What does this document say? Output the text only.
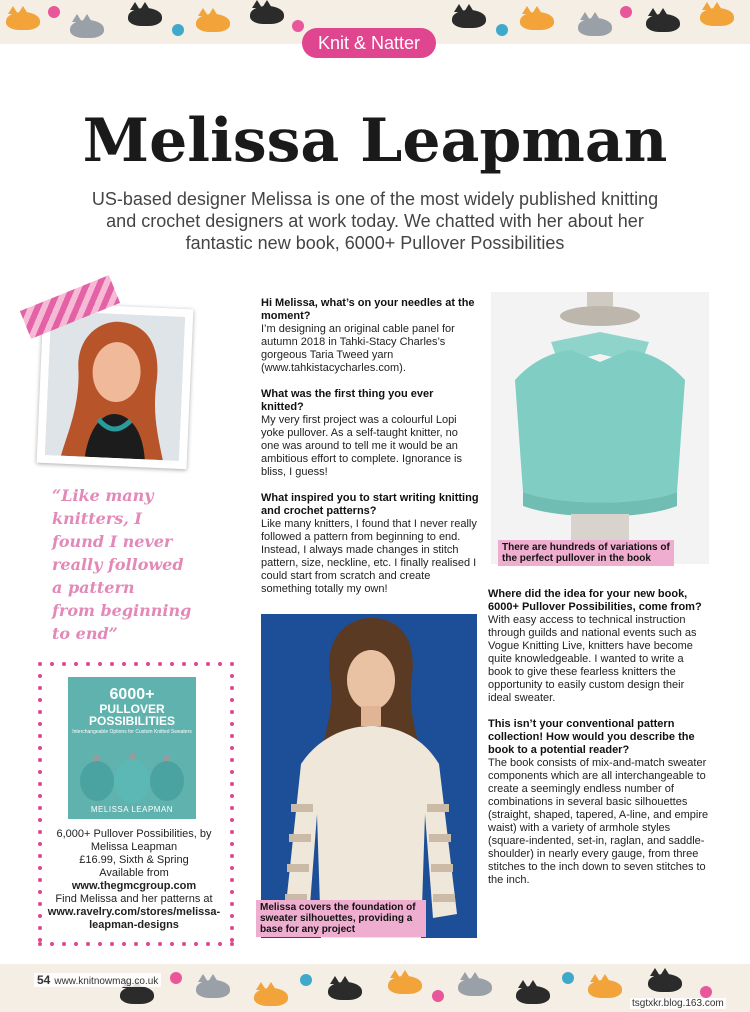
Knit & Natter
Melissa Leapman
US-based designer Melissa is one of the most widely published knitting and crochet designers at work today. We chatted with her about her fantastic new book, 6000+ Pullover Possibilities
“Like many
knitters, I
found I never
really followed
a pattern
from beginning
to end”
6000+
PULLOVER
POSSIBILITIES
Interchangeable Options for Custom Knitted Sweaters
MELISSA LEAPMAN
6,000+ Pullover Possibilities, by
Melissa Leapman
£16.99, Sixth & Spring
Available from
www.thegmcgroup.com
Find Melissa and her patterns at
www.ravelry.com/stores/melissa-
leapman-designs
Hi Melissa, what’s on your needles at the moment?
I’m designing an original cable panel for autumn 2018 in Tahki-Stacy Charles’s gorgeous Taria Tweed yarn (www.tahkistacycharles.com).
What was the first thing you ever knitted?
My very first project was a colourful Lopi yoke pullover. As a self-taught knitter, no one was around to tell me it would be an ambitious effort to complete. Ignorance is bliss, I guess!
What inspired you to start writing knitting and crochet patterns?
Like many knitters, I found that I never really followed a pattern from beginning to end. Instead, I always made changes in stitch pattern, size, neckline, etc. I finally realised I could start from scratch and create something totally my own!
There are hundreds of variations of the perfect pullover in the book
Melissa covers the foundation of sweater silhouettes, providing a base for any project
Where did the idea for your new book, 6000+ Pullover Possibilities, come from?
With easy access to technical instruction through guilds and national events such as Vogue Knitting Live, knitters have become quite knowledgeable. I wanted to write a book to give these fearless knitters the opportunity to easily custom design their ideal sweater.
This isn’t your conventional pattern collection! How would you describe the book to a potential reader?
The book consists of mix-and-match sweater components which are all interchangeable to create a seemingly endless number of combinations in several basic silhouettes (straight, shaped, tapered, A-line, and empire waist) with a variety of armhole styles (square-indented, set-in, raglan, and saddle-shoulder) in nearly every gauge, from three stitches to the inch down to seven stitches to the inch.
54 www.knitnowmag.co.uk
tsgtxkr.blog.163.com
